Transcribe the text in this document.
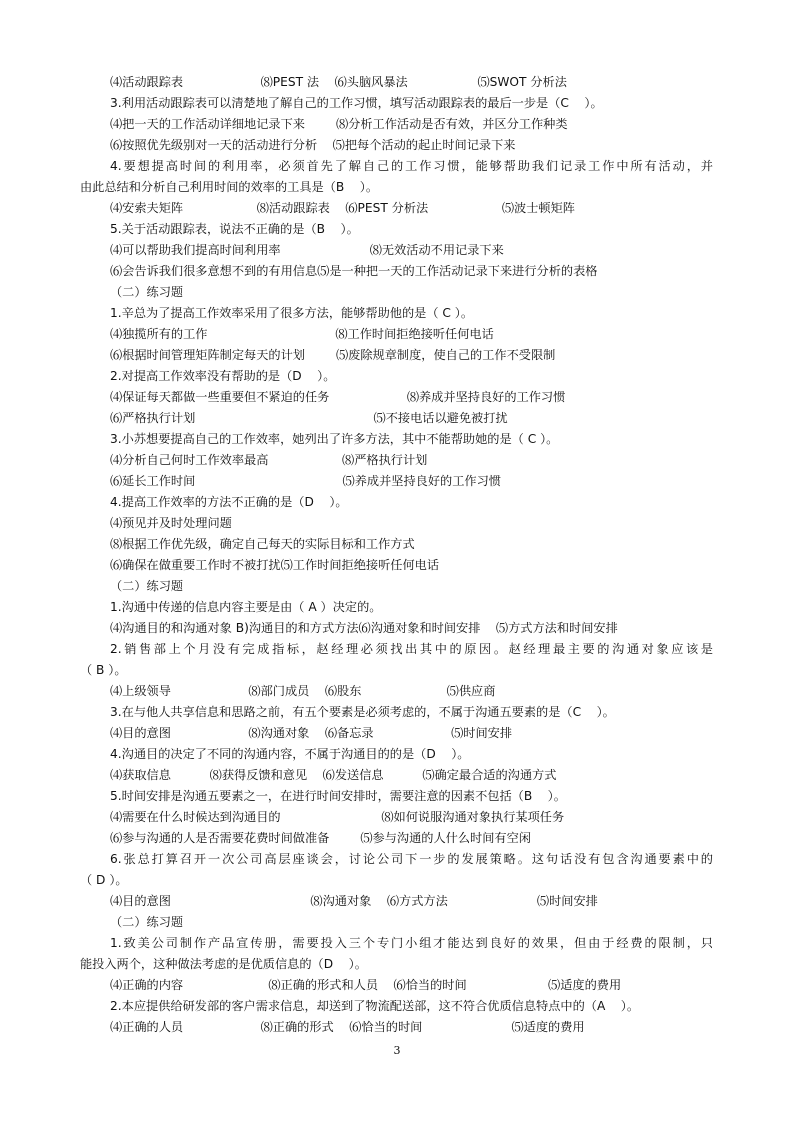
⑷活动跟踪表                    ⑻PEST 法    ⑹头脑风暴法                  ⑸SWOT 分析法

3.利用活动跟踪表可以清楚地了解自己的工作习惯，填写活动跟踪表的最后一步是（C    ）。

⑷把一天的工作活动详细地记录下来        ⑻分析工作活动是否有效，并区分工作种类

⑹按照优先级别对一天的活动进行分析    ⑸把每个活动的起止时间记录下来

4.要想提高时间的利用率，必须首先了解自己的工作习惯，能够帮助我们记录工作中所有活动，并

由此总结和分析自己利用时间的效率的工具是（B    ）。

⑷安索夫矩阵                   ⑻活动跟踪表    ⑹PEST 分析法                   ⑸波士顿矩阵

5.关于活动跟踪表，说法不正确的是（B    ）。

⑷可以帮助我们提高时间利用率                       ⑻无效活动不用记录下来

⑹会告诉我们很多意想不到的有用信息⑸是一种把一天的工作活动记录下来进行分析的表格

（二）练习题

1.辛总为了提高工作效率采用了很多方法，能够帮助他的是（ C ）。

⑷独揽所有的工作                                 ⑻工作时间拒绝接听任何电话

⑹根据时间管理矩阵制定每天的计划        ⑸废除规章制度，使自己的工作不受限制

2.对提高工作效率没有帮助的是（D    ）。

⑷保证每天都做一些重要但不紧迫的任务                    ⑻养成并坚持良好的工作习惯

⑹严格执行计划                                              ⑸不接电话以避免被打扰

3.小苏想要提高自己的工作效率，她列出了许多方法，其中不能帮助她的是（ C ）。

⑷分析自己何时工作效率最高                   ⑻严格执行计划

⑹延长工作时间                                      ⑸养成并坚持良好的工作习惯

4.提高工作效率的方法不正确的是（D    ）。

⑷预见并及时处理问题

⑻根据工作优先级，确定自己每天的实际目标和工作方式

⑹确保在做重要工作时不被打扰⑸工作时间拒绝接听任何电话

（二）练习题

1.沟通中传递的信息内容主要是由（ A ）决定的。

⑷沟通目的和沟通对象 B)沟通目的和方式方法⑹沟通对象和时间安排    ⑸方式方法和时间安排

2.销售部上个月没有完成指标，赵经理必须找出其中的原因。赵经理最主要的沟通对象应该是

（ B ）。

⑷上级领导                    ⑻部门成员    ⑹股东                      ⑸供应商

3.在与他人共享信息和思路之前，有五个要素是必须考虑的，不属于沟通五要素的是（C    ）。

⑷目的意图                    ⑻沟通对象    ⑹备忘录                    ⑸时间安排

4.沟通目的决定了不同的沟通内容，不属于沟通目的的是（D    ）。

⑷获取信息          ⑻获得反馈和意见    ⑹发送信息          ⑸确定最合适的沟通方式

5.时间安排是沟通五要素之一，在进行时间安排时，需要注意的因素不包括（B    ）。

⑷需要在什么时候达到沟通目的                          ⑻如何说服沟通对象执行某项任务

⑹参与沟通的人是否需要花费时间做准备        ⑸参与沟通的人什么时间有空闲

6.张总打算召开一次公司高层座谈会，讨论公司下一步的发展策略。这句话没有包含沟通要素中的

（ D ）。

⑷目的意图                                    ⑻沟通对象    ⑹方式方法                       ⑸时间安排

（二）练习题

1.致美公司制作产品宣传册，需要投入三个专门小组才能达到良好的效果，但由于经费的限制，只

能投入两个，这种做法考虑的是优质信息的（D    ）。

⑷正确的内容                      ⑻正确的形式和人员    ⑹恰当的时间                     ⑸适度的费用

2.本应提供给研发部的客户需求信息，却送到了物流配送部，这不符合优质信息特点中的（A    ）。

⑷正确的人员                    ⑻正确的形式    ⑹恰当的时间                       ⑸适度的费用

3
